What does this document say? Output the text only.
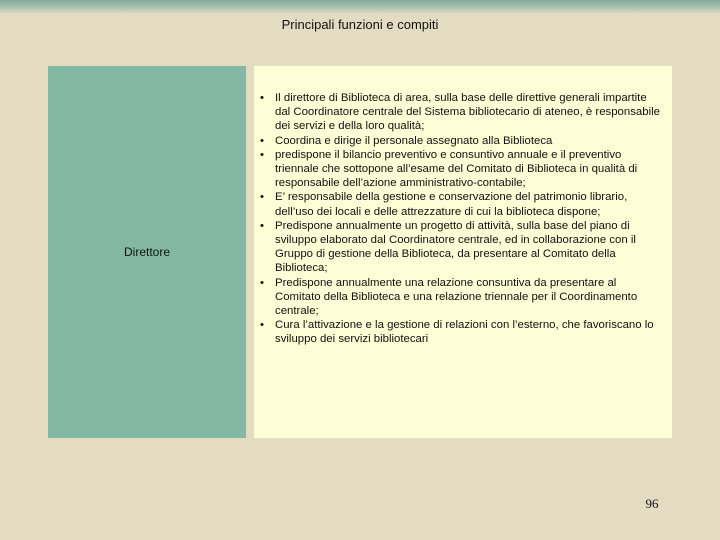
Principali funzioni e compiti
Direttore
• Il direttore di Biblioteca di area, sulla base delle direttive generali impartite dal Coordinatore centrale del Sistema bibliotecario di ateneo, è responsabile dei servizi e della loro qualità;
• Coordina e dirige il personale assegnato alla Biblioteca
• predispone il bilancio preventivo e consuntivo annuale e il preventivo triennale che sottopone all’esame del Comitato di Biblioteca in qualità di responsabile dell’azione amministrativo-contabile;
• E’ responsabile della gestione e conservazione del patrimonio librario, dell’uso dei locali e delle attrezzature di cui la biblioteca dispone;
• Predispone annualmente un progetto di attività, sulla base del piano di sviluppo elaborato dal Coordinatore centrale, ed in collaborazione con il Gruppo di gestione della Biblioteca, da presentare al Comitato della Biblioteca;
• Predispone annualmente una relazione consuntiva da presentare al Comitato della Biblioteca e una relazione triennale per il Coordinamento centrale;
• Cura l’attivazione e la gestione di relazioni con l’esterno, che favoriscano lo sviluppo dei servizi bibliotecari
96
